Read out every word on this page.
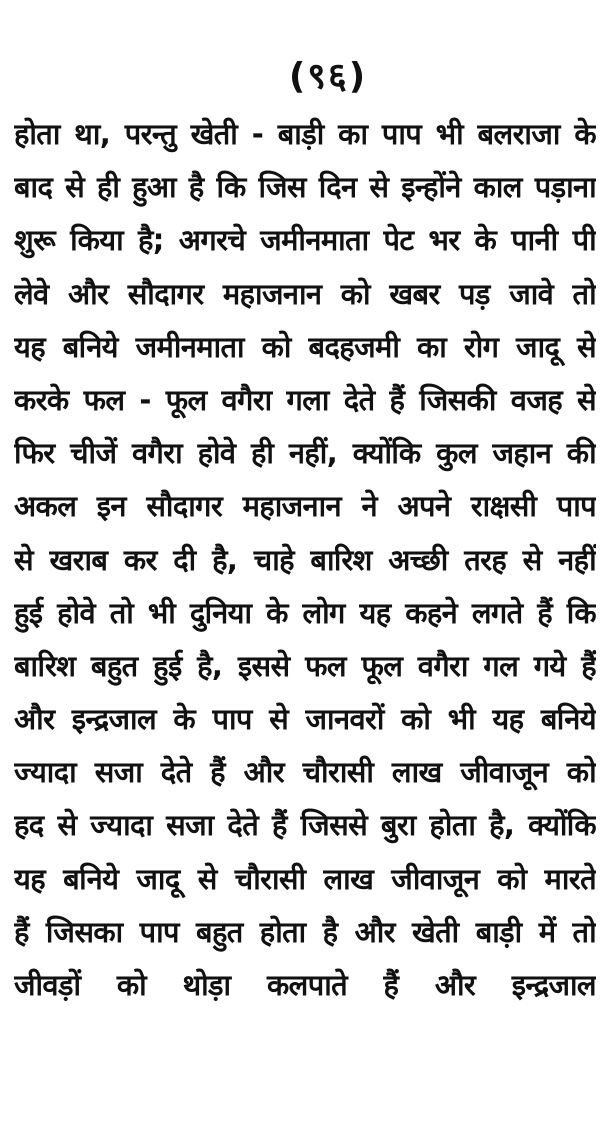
(९६)
होता था, परन्तु खेती - बाड़ी का पाप भी बलराजा के
बाद से ही हुआ है कि जिस दिन से इन्होंने काल पड़ाना
शुरू किया है; अगरचे जमीनमाता पेट भर के पानी पी
लेवे और सौदागर महाजनान को खबर पड़ जावे तो
यह बनिये जमीनमाता को बदहजमी का रोग जादू से
करके फल - फूल वगैरा गला देते हैं जिसकी वजह से
फिर चीजें वगैरा होवे ही नहीं, क्योंकि कुल जहान की
अकल इन सौदागर महाजनान ने अपने राक्षसी पाप
से खराब कर दी है, चाहे बारिश अच्छी तरह से नहीं
हुई होवे तो भी दुनिया के लोग यह कहने लगते हैं कि
बारिश बहुत हुई है, इससे फल फूल वगैरा गल गये हैं
और इन्द्रजाल के पाप से जानवरों को भी यह बनिये
ज्यादा सजा देते हैं और चौरासी लाख जीवाजून को
हद से ज्यादा सजा देते हैं जिससे बुरा होता है, क्योंकि
यह बनिये जादू से चौरासी लाख जीवाजून को मारते
हैं जिसका पाप बहुत होता है और खेती बाड़ी में तो
जीवड़ों को थोड़ा कलपाते हैं और इन्द्रजाल
